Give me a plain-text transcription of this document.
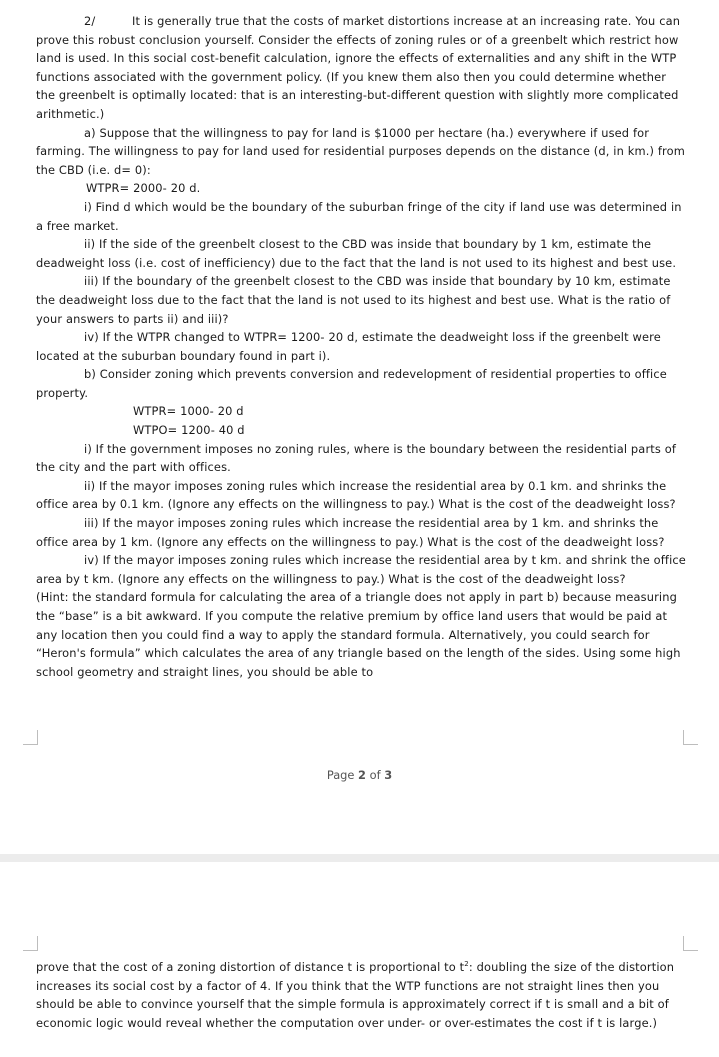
2/	It is generally true that the costs of market distortions increase at an increasing rate. You can prove this robust conclusion yourself. Consider the effects of zoning rules or of a greenbelt which restrict how land is used. In this social cost-benefit calculation, ignore the effects of externalities and any shift in the WTP functions associated with the government policy. (If you knew them also then you could determine whether the greenbelt is optimally located: that is an interesting-but-different question with slightly more complicated arithmetic.)

a) Suppose that the willingness to pay for land is $1000 per hectare (ha.) everywhere if used for farming. The willingness to pay for land used for residential purposes depends on the distance (d, in km.) from the CBD (i.e. d= 0):

WTPR= 2000- 20 d.

i) Find d which would be the boundary of the suburban fringe of the city if land use was determined in a free market.

ii) If the side of the greenbelt closest to the CBD was inside that boundary by 1 km, estimate the deadweight loss (i.e. cost of inefficiency) due to the fact that the land is not used to its highest and best use.

iii) If the boundary of the greenbelt closest to the CBD was inside that boundary by 10 km, estimate the deadweight loss due to the fact that the land is not used to its highest and best use. What is the ratio of your answers to parts ii) and iii)?

iv) If the WTPR changed to WTPR= 1200- 20 d, estimate the deadweight loss if the greenbelt were located at the suburban boundary found in part i).

b) Consider zoning which prevents conversion and redevelopment of residential properties to office property.

WTPR= 1000- 20 d

WTPO= 1200- 40 d

i) If the government imposes no zoning rules, where is the boundary between the residential parts of the city and the part with offices.

ii) If the mayor imposes zoning rules which increase the residential area by 0.1 km. and shrinks the office area by 0.1 km. (Ignore any effects on the willingness to pay.) What is the cost of the deadweight loss?

iii) If the mayor imposes zoning rules which increase the residential area by 1 km. and shrinks the office area by 1 km. (Ignore any effects on the willingness to pay.) What is the cost of the deadweight loss?

iv) If the mayor imposes zoning rules which increase the residential area by t km. and shrink the office area by t km. (Ignore any effects on the willingness to pay.) What is the cost of the deadweight loss?

(Hint: the standard formula for calculating the area of a triangle does not apply in part b) because measuring the “base” is a bit awkward. If you compute the relative premium by office land users that would be paid at any location then you could find a way to apply the standard formula. Alternatively, you could search for “Heron's formula” which calculates the area of any triangle based on the length of the sides. Using some high school geometry and straight lines, you should be able to

Page 2 of 3

prove that the cost of a zoning distortion of distance t is proportional to $t^2$: doubling the size of the distortion increases its social cost by a factor of 4. If you think that the WTP functions are not straight lines then you should be able to convince yourself that the simple formula is approximately correct if t is small and a bit of economic logic would reveal whether the computation over under- or over-estimates the cost if t is large.)
